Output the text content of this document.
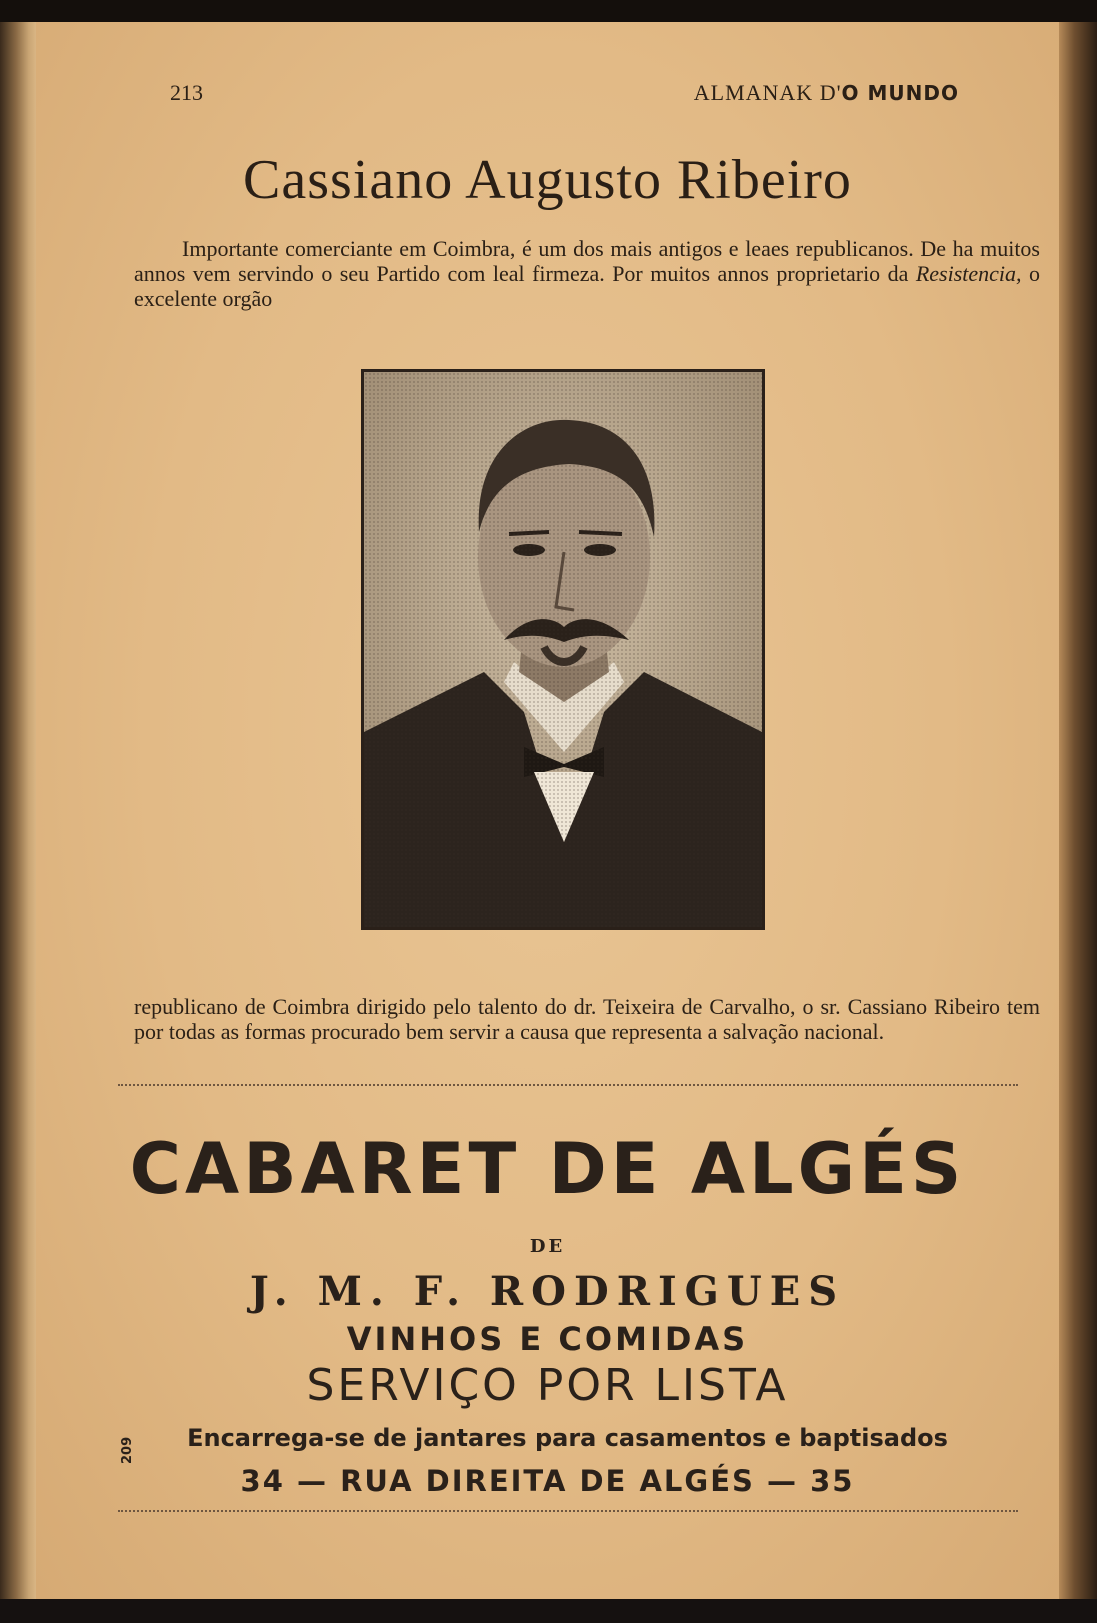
213	ALMANAK D'O MUNDO
Cassiano Augusto Ribeiro

Importante comerciante em Coimbra, é um dos mais antigos e leaes republicanos. De ha muitos annos vem servindo o seu Partido com leal firmeza. Por muitos annos proprietario da Resistencia, o excelente orgão

republicano de Coimbra dirigido pelo talento do dr. Teixeira de Carvalho, o sr. Cassiano Ribeiro tem por todas as formas procurado bem servir a causa que representa a salvação nacional.

CABARET DE ALGÉS
DE
J. M. F. RODRIGUES
VINHOS E COMIDAS
SERVIÇO POR LISTA
209	Encarrega-se de jantares para casamentos e baptisados
34 — RUA DIREITA DE ALGÉS — 35
